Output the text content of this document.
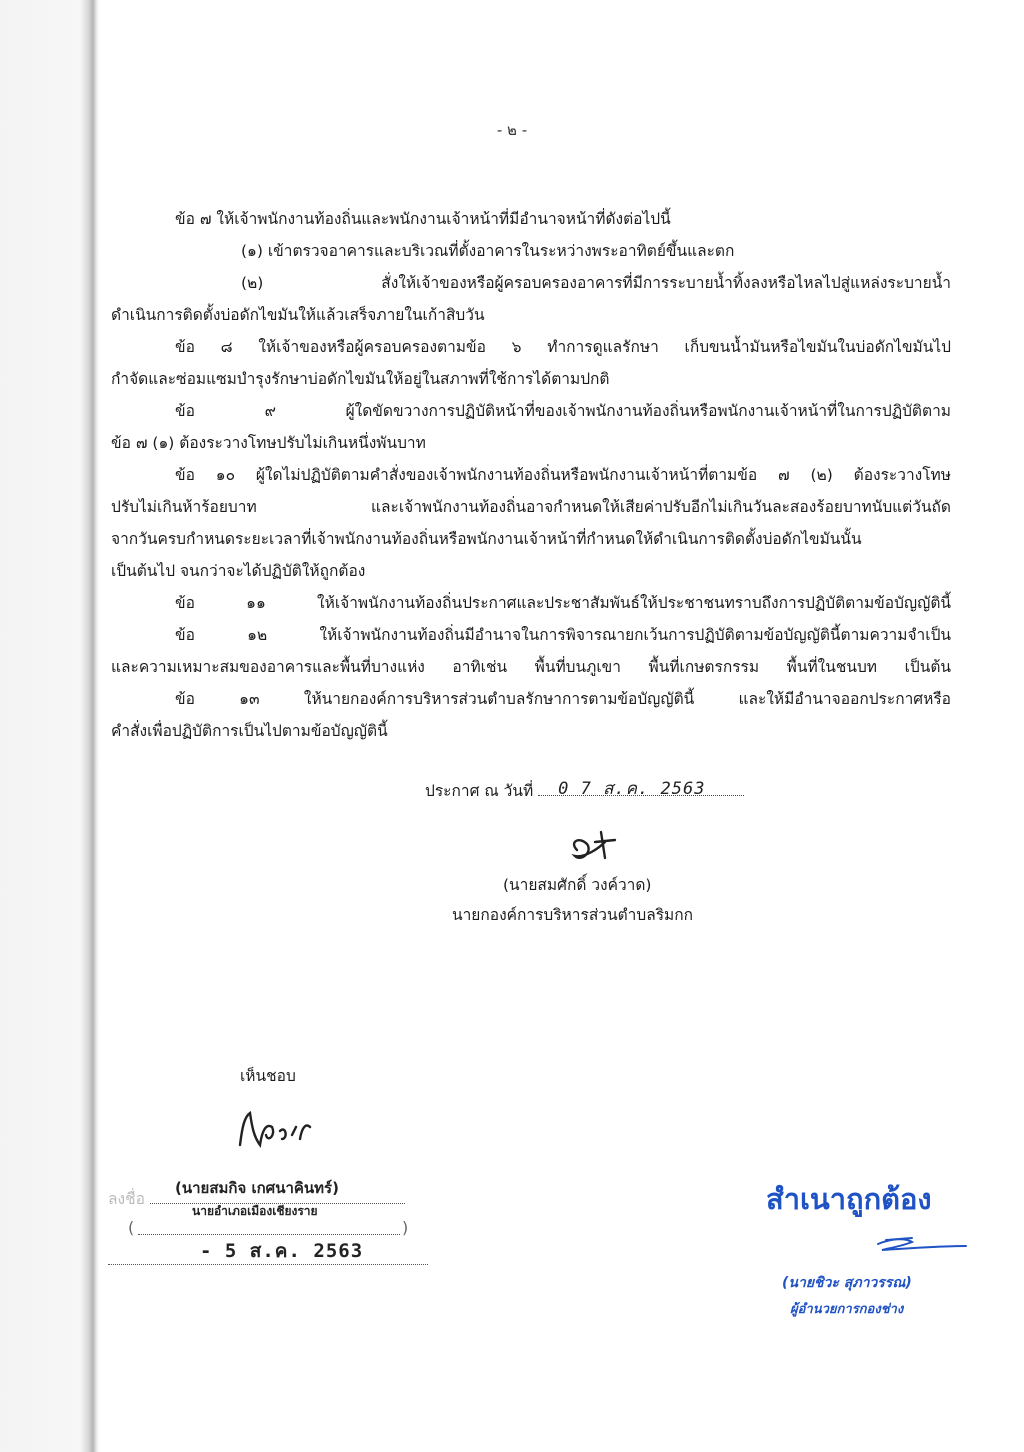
- ๒ -
ข้อ ๗ ให้เจ้าพนักงานท้องถิ่นและพนักงานเจ้าหน้าที่มีอำนาจหน้าที่ดังต่อไปนี้
(๑) เข้าตรวจอาคารและบริเวณที่ตั้งอาคารในระหว่างพระอาทิตย์ขึ้นและตก
(๒) สั่งให้เจ้าของหรือผู้ครอบครองอาคารที่มีการระบายน้ำทิ้งลงหรือไหลไปสู่แหล่งระบายน้ำ
ดำเนินการติดตั้งบ่อดักไขมันให้แล้วเสร็จภายในเก้าสิบวัน
ข้อ ๘ ให้เจ้าของหรือผู้ครอบครองตามข้อ ๖ ทำการดูแลรักษา เก็บขนน้ำมันหรือไขมันในบ่อดักไขมันไป
กำจัดและซ่อมแซมบำรุงรักษาบ่อดักไขมันให้อยู่ในสภาพที่ใช้การได้ตามปกติ
ข้อ ๙ ผู้ใดขัดขวางการปฏิบัติหน้าที่ของเจ้าพนักงานท้องถิ่นหรือพนักงานเจ้าหน้าที่ในการปฏิบัติตาม
ข้อ ๗ (๑) ต้องระวางโทษปรับไม่เกินหนึ่งพันบาท
ข้อ ๑๐ ผู้ใดไม่ปฏิบัติตามคำสั่งของเจ้าพนักงานท้องถิ่นหรือพนักงานเจ้าหน้าที่ตามข้อ ๗ (๒) ต้องระวางโทษ
ปรับไม่เกินห้าร้อยบาท และเจ้าพนักงานท้องถิ่นอาจกำหนดให้เสียค่าปรับอีกไม่เกินวันละสองร้อยบาทนับแต่วันถัด
จากวันครบกำหนดระยะเวลาที่เจ้าพนักงานท้องถิ่นหรือพนักงานเจ้าหน้าที่กำหนดให้ดำเนินการติดตั้งบ่อดักไขมันนั้น
เป็นต้นไป จนกว่าจะได้ปฏิบัติให้ถูกต้อง
ข้อ ๑๑ ให้เจ้าพนักงานท้องถิ่นประกาศและประชาสัมพันธ์ให้ประชาชนทราบถึงการปฏิบัติตามข้อบัญญัตินี้
ข้อ ๑๒ ให้เจ้าพนักงานท้องถิ่นมีอำนาจในการพิจารณายกเว้นการปฏิบัติตามข้อบัญญัตินี้ตามความจำเป็น
และความเหมาะสมของอาคารและพื้นที่บางแห่ง อาทิเช่น พื้นที่บนภูเขา พื้นที่เกษตรกรรม พื้นที่ในชนบท เป็นต้น
ข้อ ๑๓ ให้นายกองค์การบริหารส่วนตำบลรักษาการตามข้อบัญญัตินี้ และให้มีอำนาจออกประกาศหรือ
คำสั่งเพื่อปฏิบัติการเป็นไปตามข้อบัญญัตินี้
ประกาศ ณ วันที่ 0 7 ส.ค. 2563
(นายสมศักดิ์ วงค์วาด)
นายกองค์การบริหารส่วนตำบลริมกก
เห็นชอบ
(นายสมกิจ เกศนาคินทร์)
ลงชื่อ
นายอำเภอเมืองเชียงราย
(	)
- 5 ส.ค. 2563
สำเนาถูกต้อง
(นายชิวะ สุภาวรรณ)
ผู้อำนวยการกองช่าง
